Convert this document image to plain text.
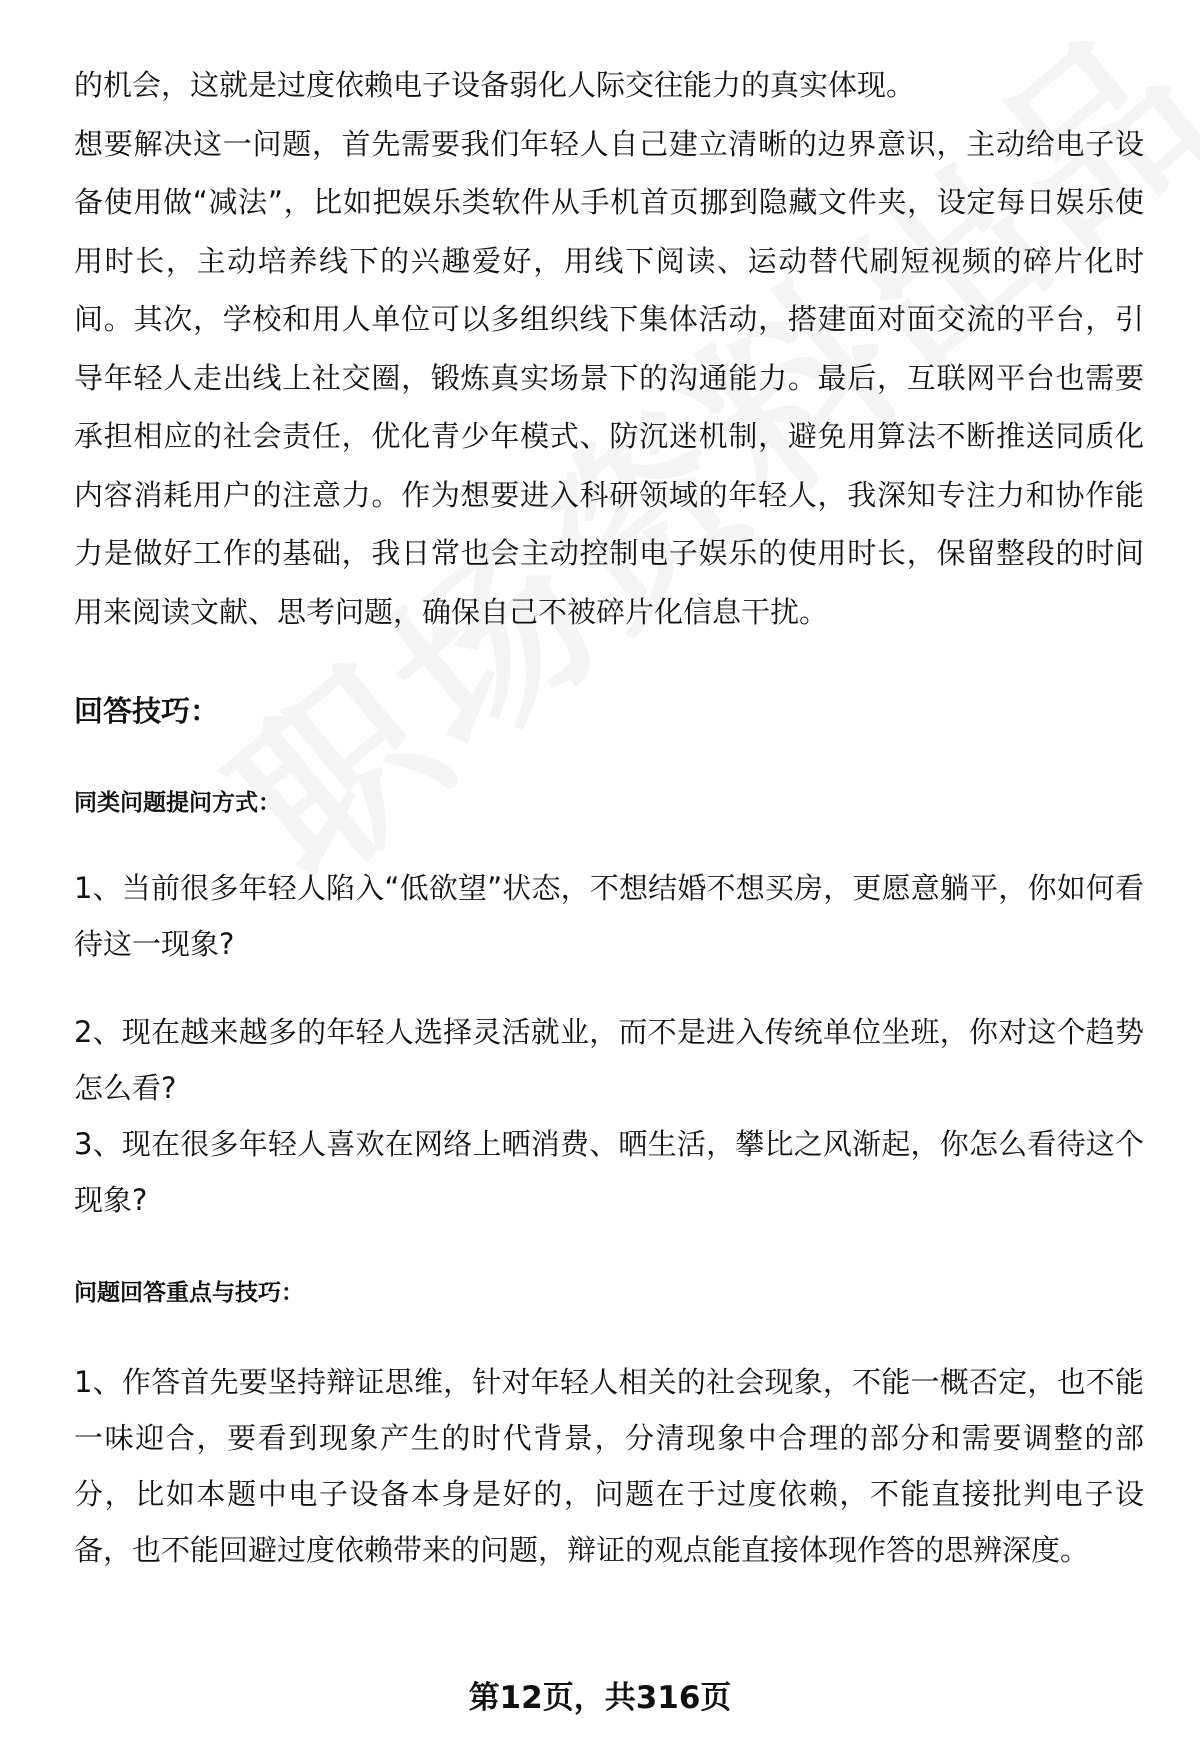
的机会，这就是过度依赖电子设备弱化人际交往能力的真实体现。

想要解决这一问题，首先需要我们年轻人自己建立清晰的边界意识，主动给电子设备使用做“减法”，比如把娱乐类软件从手机首页挪到隐藏文件夹，设定每日娱乐使用时长，主动培养线下的兴趣爱好，用线下阅读、运动替代刷短视频的碎片化时间。其次，学校和用人单位可以多组织线下集体活动，搭建面对面交流的平台，引导年轻人走出线上社交圈，锻炼真实场景下的沟通能力。最后，互联网平台也需要承担相应的社会责任，优化青少年模式、防沉迷机制，避免用算法不断推送同质化内容消耗用户的注意力。作为想要进入科研领域的年轻人，我深知专注力和协作能力是做好工作的基础，我日常也会主动控制电子娱乐的使用时长，保留整段的时间用来阅读文献、思考问题，确保自己不被碎片化信息干扰。

回答技巧：
同类问题提问方式：

1、当前很多年轻人陷入“低欲望”状态，不想结婚不想买房，更愿意躺平，你如何看待这一现象?

2、现在越来越多的年轻人选择灵活就业，而不是进入传统单位坐班，你对这个趋势怎么看?

3、现在很多年轻人喜欢在网络上晒消费、晒生活，攀比之风渐起，你怎么看待这个现象?

问题回答重点与技巧：

1、作答首先要坚持辩证思维，针对年轻人相关的社会现象，不能一概否定，也不能一味迎合，要看到现象产生的时代背景，分清现象中合理的部分和需要调整的部分，比如本题中电子设备本身是好的，问题在于过度依赖，不能直接批判电子设备，也不能回避过度依赖带来的问题，辩证的观点能直接体现作答的思辨深度。

第12页，共316页
